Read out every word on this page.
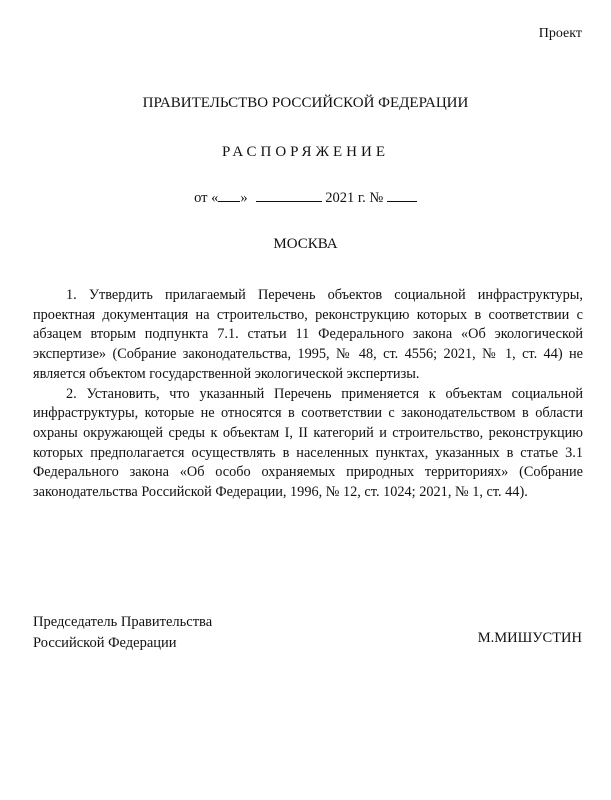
Проект
ПРАВИТЕЛЬСТВО РОССИЙСКОЙ ФЕДЕРАЦИИ
РАСПОРЯЖЕНИЕ
от « »	2021 г. №
МОСКВА

1. Утвердить прилагаемый Перечень объектов социальной инфраструктуры, проектная документация на строительство, реконструкцию которых в соответствии с абзацем вторым подпункта 7.1. статьи 11 Федерального закона «Об экологической экспертизе» (Собрание законодательства, 1995, № 48, ст. 4556; 2021, № 1, ст. 44) не является объектом государственной экологической экспертизы.

2. Установить, что указанный Перечень применяется к объектам социальной инфраструктуры, которые не относятся в соответствии с законодательством в области охраны окружающей среды к объектам I, II категорий и строительство, реконструкцию которых предполагается осуществлять в населенных пунктах, указанных в статье 3.1 Федерального закона «Об особо охраняемых природных территориях» (Собрание законодательства Российской Федерации, 1996, № 12, ст. 1024; 2021, № 1, ст. 44).

Председатель Правительства
Российской Федерации	М.МИШУСТИН
